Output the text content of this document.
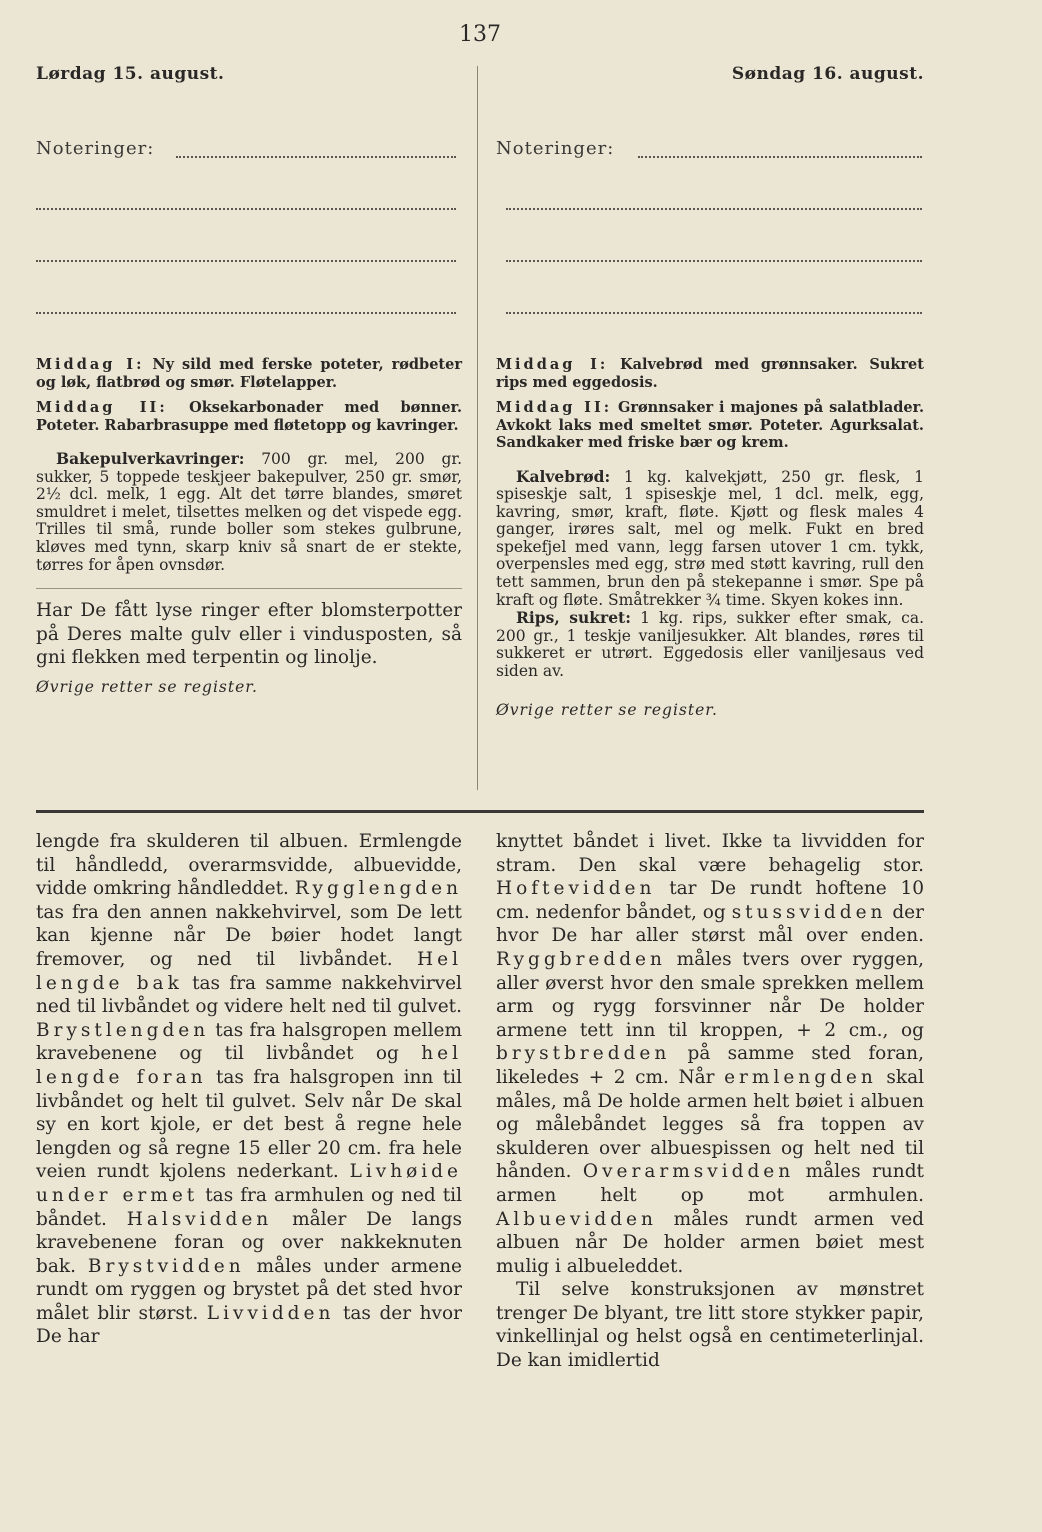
137
Lørdag 15. august.	Søndag 16. august.
Noteringer:	Noteringer:

Middag I: Ny sild med ferske poteter, rødbeter og løk, flatbrød og smør. Fløtelapper.

Middag II: Oksekarbonader med bønner. Poteter. Rabarbrasuppe med fløtetopp og kavringer.

Bakepulverkavringer: 700 gr. mel, 200 gr. sukker, 5 toppede teskjeer bakepulver, 250 gr. smør, 2½ dcl. melk, 1 egg. Alt det tørre blandes, smøret smuldret i melet, tilsettes melken og det vispede egg. Trilles til små, runde boller som stekes gulbrune, kløves med tynn, skarp kniv så snart de er stekte, tørres for åpen ovnsdør.

Har De fått lyse ringer efter blomsterpotter på Deres malte gulv eller i vindusposten, så gni flekken med terpentin og linolje.

Øvrige retter se register.

Middag I: Kalvebrød med grønnsaker. Sukret rips med eggedosis.

Middag II: Grønnsaker i majones på salatblader. Avkokt laks med smeltet smør. Poteter. Agurksalat. Sandkaker med friske bær og krem.

Kalvebrød: 1 kg. kalvekjøtt, 250 gr. flesk, 1 spiseskje salt, 1 spiseskje mel, 1 dcl. melk, egg, kavring, smør, kraft, fløte. Kjøtt og flesk males 4 ganger, irøres salt, mel og melk. Fukt en bred spekefjel med vann, legg farsen utover 1 cm. tykk, overpensles med egg, strø med støtt kavring, rull den tett sammen, brun den på stekepanne i smør. Spe på kraft og fløte. Småtrekker ¾ time. Skyen kokes inn.

Rips, sukret: 1 kg. rips, sukker efter smak, ca. 200 gr., 1 teskje vaniljesukker. Alt blandes, røres til sukkeret er utrørt. Eggedosis eller vaniljesaus ved siden av.

Øvrige retter se register.

lengde fra skulderen til albuen. Ermlengde til håndledd, overarmsvidde, albuevidde, vidde omkring håndleddet. Rygglengden tas fra den annen nakkehvirvel, som De lett kan kjenne når De bøier hodet langt fremover, og ned til livbåndet. Hel lengde bak tas fra samme nakkehvirvel ned til livbåndet og videre helt ned til gulvet. Brystlengden tas fra halsgropen mellem kravebenene og til livbåndet og hel lengde foran tas fra halsgropen inn til livbåndet og helt til gulvet. Selv når De skal sy en kort kjole, er det best å regne hele lengden og så regne 15 eller 20 cm. fra hele veien rundt kjolens nederkant. Livhøide under ermet tas fra armhulen og ned til båndet. Halsvidden måler De langs kravebenene foran og over nakkeknuten bak. Brystvidden måles under armene rundt om ryggen og brystet på det sted hvor målet blir størst. Livvidden tas der hvor De har

knyttet båndet i livet. Ikke ta livvidden for stram. Den skal være behagelig stor. Hoftevidden tar De rundt hoftene 10 cm. nedenfor båndet, og stussvidden der hvor De har aller størst mål over enden. Ryggbredden måles tvers over ryggen, aller øverst hvor den smale sprekken mellem arm og rygg forsvinner når De holder armene tett inn til kroppen, + 2 cm., og brystbredden på samme sted foran, likeledes + 2 cm. Når ermlengden skal måles, må De holde armen helt bøiet i albuen og målebåndet legges så fra toppen av skulderen over albuespissen og helt ned til hånden. Overarmsvidden måles rundt armen helt op mot armhulen. Albuevidden måles rundt armen ved albuen når De holder armen bøiet mest mulig i albueleddet.

Til selve konstruksjonen av mønstret trenger De blyant, tre litt store stykker papir, vinkellinjal og helst også en centimeterlinjal. De kan imidlertid
